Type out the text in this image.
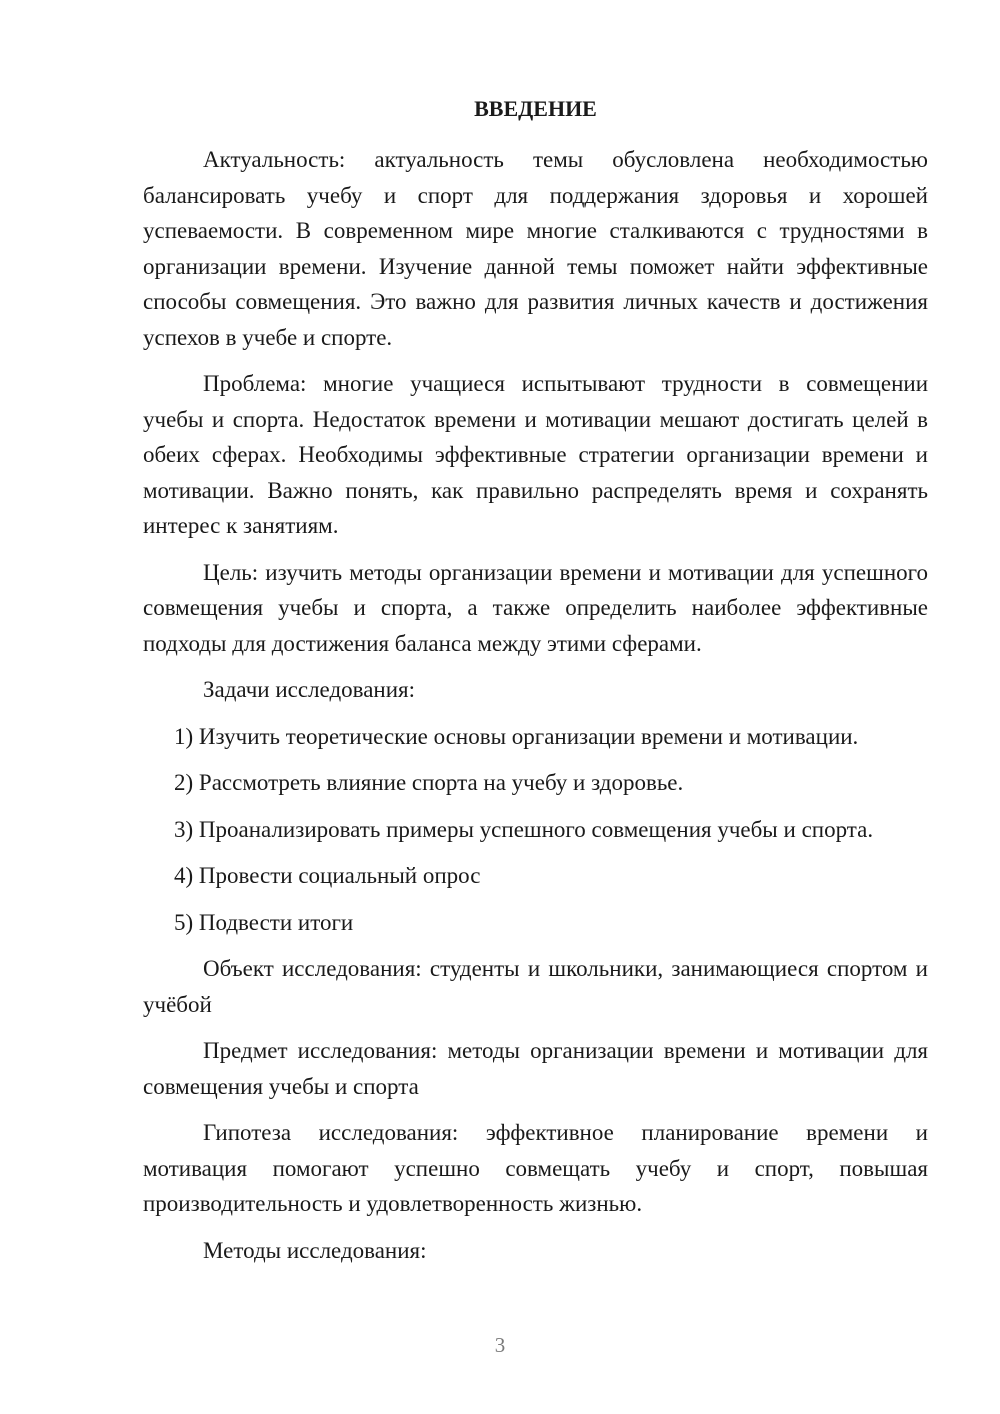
ВВЕДЕНИЕ

Актуальность: актуальность темы обусловлена необходимостью балансировать учебу и спорт для поддержания здоровья и хорошей успеваемости. В современном мире многие сталкиваются с трудностями в организации времени. Изучение данной темы поможет найти эффективные способы совмещения. Это важно для развития личных качеств и достижения успехов в учебе и спорте.

Проблема: многие учащиеся испытывают трудности в совмещении учебы и спорта. Недостаток времени и мотивации мешают достигать целей в обеих сферах. Необходимы эффективные стратегии организации времени и мотивации. Важно понять, как правильно распределять время и сохранять интерес к занятиям.

Цель: изучить методы организации времени и мотивации для успешного совмещения учебы и спорта, а также определить наиболее эффективные подходы для достижения баланса между этими сферами.

Задачи исследования:

1) Изучить теоретические основы организации времени и мотивации.

2) Рассмотреть влияние спорта на учебу и здоровье.

3) Проанализировать примеры успешного совмещения учебы и спорта.

4) Провести социальный опрос

5) Подвести итоги

Объект исследования: студенты и школьники, занимающиеся спортом и учёбой

Предмет исследования: методы организации времени и мотивации для совмещения учебы и спорта

Гипотеза исследования: эффективное планирование времени и мотивация помогают успешно совмещать учебу и спорт, повышая производительность и удовлетворенность жизнью.

Методы исследования:

3
